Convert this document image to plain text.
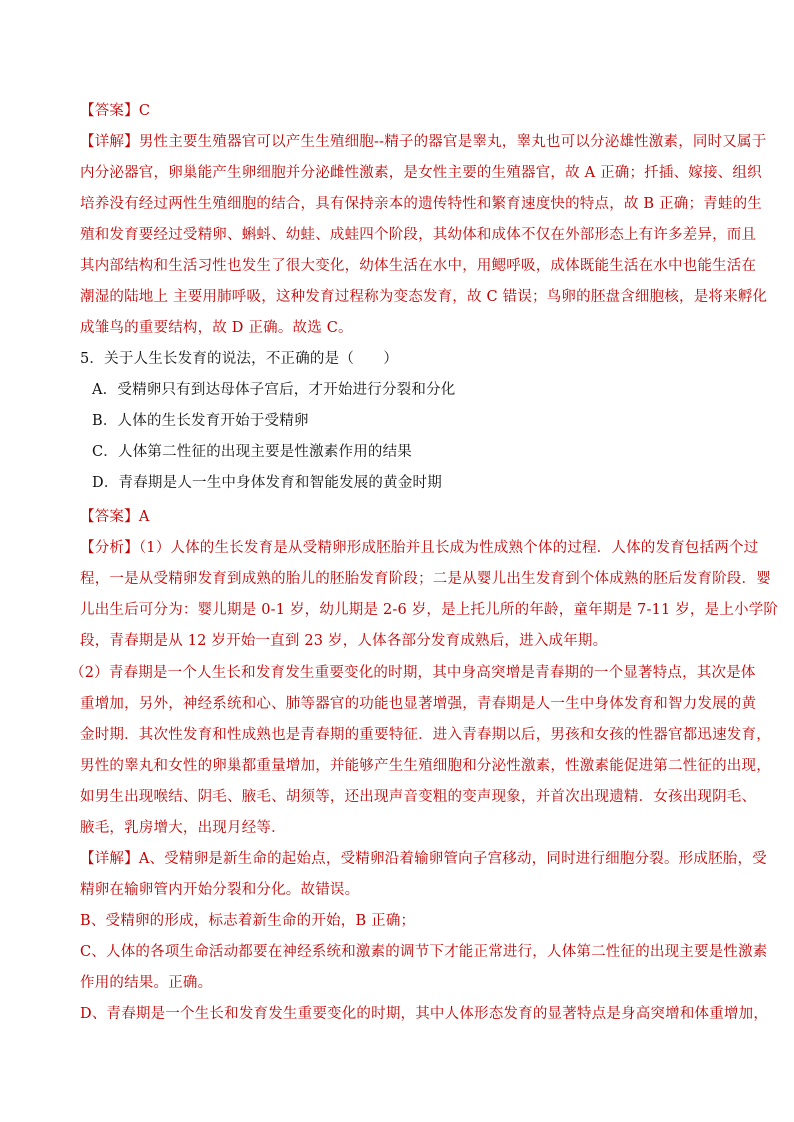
【答案】C
【详解】男性主要生殖器官可以产生生殖细胞--精子的器官是睾丸，睾丸也可以分泌雄性激素，同时又属于
内分泌器官，卵巢能产生卵细胞并分泌雌性激素，是女性主要的生殖器官，故 A 正确；扦插、嫁接、组织
培养没有经过两性生殖细胞的结合，具有保持亲本的遗传特性和繁育速度快的特点，故 B 正确；青蛙的生
殖和发育要经过受精卵、蝌蚪、幼蛙、成蛙四个阶段，其幼体和成体不仅在外部形态上有许多差异，而且
其内部结构和生活习性也发生了很大变化，幼体生活在水中，用鳃呼吸，成体既能生活在水中也能生活在
潮湿的陆地上 主要用肺呼吸，这种发育过程称为变态发育，故 C 错误；鸟卵的胚盘含细胞核，是将来孵化
成雏鸟的重要结构，故 D 正确。故选 C。
5．关于人生长发育的说法，不正确的是（　　）
A．受精卵只有到达母体子宫后，才开始进行分裂和分化
B．人体的生长发育开始于受精卵
C．人体第二性征的出现主要是性激素作用的结果
D．青春期是人一生中身体发育和智能发展的黄金时期
【答案】A
【分析】（1）人体的生长发育是从受精卵形成胚胎并且长成为性成熟个体的过程．人体的发育包括两个过
程，一是从受精卵发育到成熟的胎儿的胚胎发育阶段；二是从婴儿出生发育到个体成熟的胚后发育阶段．婴
儿出生后可分为：婴儿期是 0-1 岁，幼儿期是 2-6 岁，是上托儿所的年龄，童年期是 7-11 岁，是上小学阶
段，青春期是从 12 岁开始一直到 23 岁，人体各部分发育成熟后，进入成年期。
（2）青春期是一个人生长和发育发生重要变化的时期，其中身高突增是青春期的一个显著特点，其次是体
重增加，另外，神经系统和心、肺等器官的功能也显著增强，青春期是人一生中身体发育和智力发展的黄
金时期．其次性发育和性成熟也是青春期的重要特征．进入青春期以后，男孩和女孩的性器官都迅速发育，
男性的睾丸和女性的卵巢都重量增加，并能够产生生殖细胞和分泌性激素，性激素能促进第二性征的出现，
如男生出现喉结、阴毛、腋毛、胡须等，还出现声音变粗的变声现象，并首次出现遗精．女孩出现阴毛、
腋毛，乳房增大，出现月经等．
【详解】A、受精卵是新生命的起始点，受精卵沿着输卵管向子宫移动，同时进行细胞分裂。形成胚胎，受
精卵在输卵管内开始分裂和分化。故错误。
B、受精卵的形成，标志着新生命的开始，B 正确；
C、人体的各项生命活动都要在神经系统和激素的调节下才能正常进行，人体第二性征的出现主要是性激素
作用的结果。正确。
D、青春期是一个生长和发育发生重要变化的时期，其中人体形态发育的显著特点是身高突增和体重增加，
